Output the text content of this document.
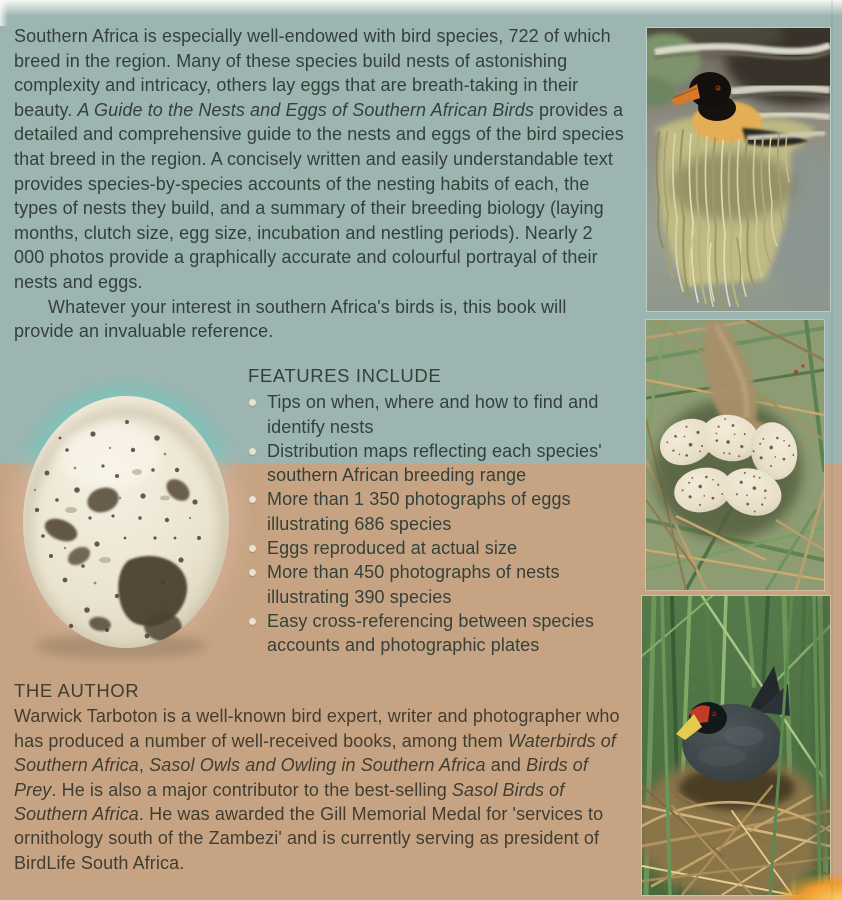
Southern Africa is especially well-endowed with bird species, 722 of which breed in the region. Many of these species build nests of astonishing complexity and intricacy, others lay eggs that are breath-taking in their beauty. A Guide to the Nests and Eggs of Southern African Birds provides a detailed and comprehensive guide to the nests and eggs of the bird species that breed in the region. A concisely written and easily understandable text provides species-by-species accounts of the nesting habits of each, the types of nests they build, and a summary of their breeding biology (laying months, clutch size, egg size, incubation and nestling periods). Nearly 2 000 photos provide a graphically accurate and colourful portrayal of their nests and eggs.

Whatever your interest in southern Africa's birds is, this book will provide an invaluable reference.

FEATURES INCLUDE
Tips on when, where and how to find and identify nests
Distribution maps reflecting each species' southern African breeding range
More than 1 350 photographs of eggs illustrating 686 species
Eggs reproduced at actual size
More than 450 photographs of nests illustrating 390 species
Easy cross-referencing between species accounts and photographic plates
THE AUTHOR

Warwick Tarboton is a well-known bird expert, writer and photographer who has produced a number of well-received books, among them Waterbirds of Southern Africa, Sasol Owls and Owling in Southern Africa and Birds of Prey. He is also a major contributor to the best-selling Sasol Birds of Southern Africa. He was awarded the Gill Memorial Medal for 'services to ornithology south of the Zambezi' and is currently serving as president of BirdLife South Africa.
